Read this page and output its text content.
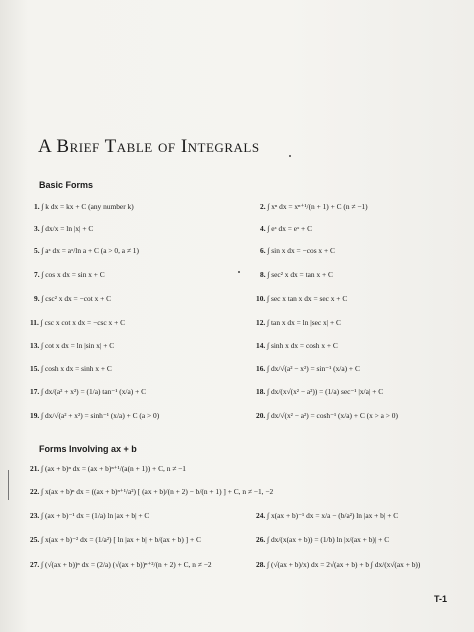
A Brief Table of Integrals
Basic Forms
1. ∫ k dx = kx + C (any number k)
3. ∫ dx/x = ln |x| + C
5. ∫ aˣ dx = aˣ/ln a + C (a > 0, a ≠ 1)
7. ∫ cos x dx = sin x + C
9. ∫ csc² x dx = −cot x + C
11. ∫ csc x cot x dx = −csc x + C
13. ∫ cot x dx = ln |sin x| + C
15. ∫ cosh x dx = sinh x + C
17. ∫ dx/(a² + x²) = (1/a) tan⁻¹ (x/a) + C
19. ∫ dx/√(a² + x²) = sinh⁻¹ (x/a) + C (a > 0)
2. ∫ xⁿ dx = xⁿ⁺¹/(n + 1) + C (n ≠ −1)
4. ∫ eˣ dx = eˣ + C
6. ∫ sin x dx = −cos x + C
8. ∫ sec² x dx = tan x + C
10. ∫ sec x tan x dx = sec x + C
12. ∫ tan x dx = ln |sec x| + C
14. ∫ sinh x dx = cosh x + C
16. ∫ dx/√(a² − x²) = sin⁻¹ (x/a) + C
18. ∫ dx/(x√(x² − a²)) = (1/a) sec⁻¹ |x/a| + C
20. ∫ dx/√(x² − a²) = cosh⁻¹ (x/a) + C (x > a > 0)
Forms Involving ax + b
21. ∫ (ax + b)ⁿ dx = (ax + b)ⁿ⁺¹/(a(n + 1)) + C, n ≠ −1
22. ∫ x(ax + b)ⁿ dx = ((ax + b)ⁿ⁺¹/a²) [ (ax + b)/(n + 2) − b/(n + 1) ] + C, n ≠ −1, −2
23. ∫ (ax + b)⁻¹ dx = (1/a) ln |ax + b| + C
25. ∫ x(ax + b)⁻² dx = (1/a²) [ ln |ax + b| + b/(ax + b) ] + C
27. ∫ (√(ax + b))ⁿ dx = (2/a) (√(ax + b))ⁿ⁺²/(n + 2) + C, n ≠ −2
24. ∫ x(ax + b)⁻¹ dx = x/a − (b/a²) ln |ax + b| + C
26. ∫ dx/(x(ax + b)) = (1/b) ln |x/(ax + b)| + C
28. ∫ (√(ax + b)/x) dx = 2√(ax + b) + b ∫ dx/(x√(ax + b))
T-1
